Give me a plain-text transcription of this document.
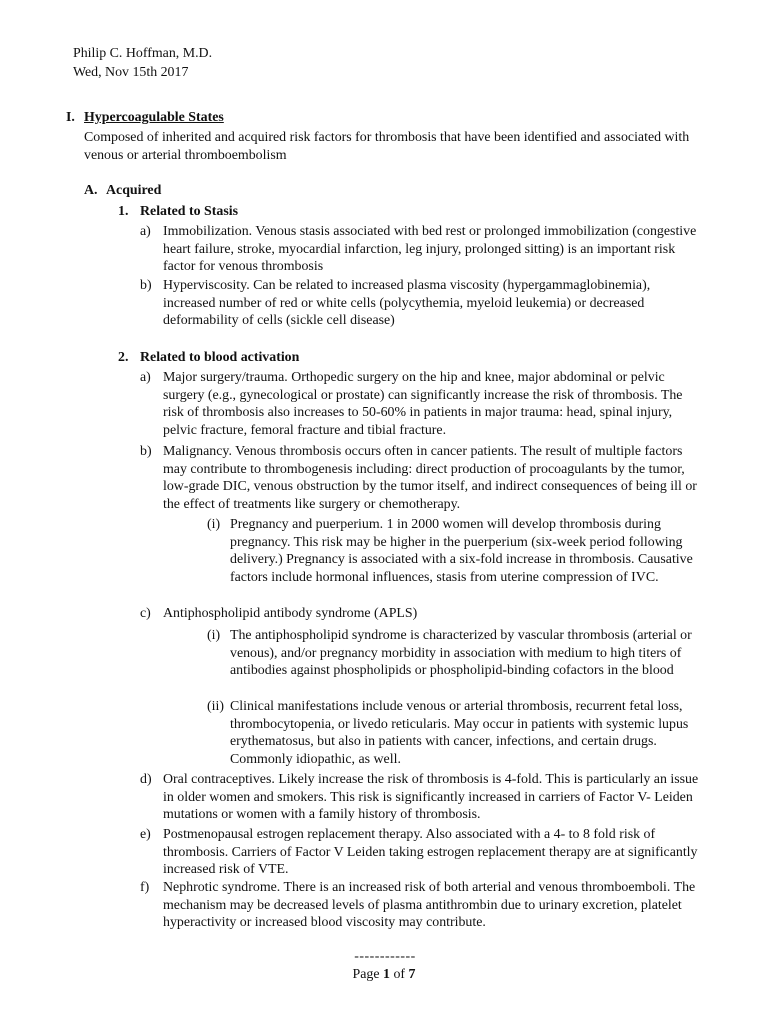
Philip C. Hoffman, M.D.
Wed, Nov 15th 2017
I. Hypercoagulable States
Composed of inherited and acquired risk factors for thrombosis that have been identified and associated with venous or arterial thromboembolism
A. Acquired
1. Related to Stasis
a) Immobilization. Venous stasis associated with bed rest or prolonged immobilization (congestive heart failure, stroke, myocardial infarction, leg injury, prolonged sitting) is an important risk factor for venous thrombosis
b) Hyperviscosity. Can be related to increased plasma viscosity (hypergammaglobinemia), increased number of red or white cells (polycythemia, myeloid leukemia) or decreased deformability of cells (sickle cell disease)
2. Related to blood activation
a) Major surgery/trauma. Orthopedic surgery on the hip and knee, major abdominal or pelvic surgery (e.g., gynecological or prostate) can significantly increase the risk of thrombosis. The risk of thrombosis also increases to 50-60% in patients in major trauma: head, spinal injury, pelvic fracture, femoral fracture and tibial fracture.
b) Malignancy. Venous thrombosis occurs often in cancer patients. The result of multiple factors may contribute to thrombogenesis including: direct production of procoagulants by the tumor, low-grade DIC, venous obstruction by the tumor itself, and indirect consequences of being ill or the effect of treatments like surgery or chemotherapy.
(i) Pregnancy and puerperium. 1 in 2000 women will develop thrombosis during pregnancy. This risk may be higher in the puerperium (six-week period following delivery.) Pregnancy is associated with a six-fold increase in thrombosis. Causative factors include hormonal influences, stasis from uterine compression of IVC.
c) Antiphospholipid antibody syndrome (APLS)
(i) The antiphospholipid syndrome is characterized by vascular thrombosis (arterial or venous), and/or pregnancy morbidity in association with medium to high titers of antibodies against phospholipids or phospholipid-binding cofactors in the blood
(ii) Clinical manifestations include venous or arterial thrombosis, recurrent fetal loss, thrombocytopenia, or livedo reticularis. May occur in patients with systemic lupus erythematosus, but also in patients with cancer, infections, and certain drugs. Commonly idiopathic, as well.
d) Oral contraceptives. Likely increase the risk of thrombosis is 4-fold. This is particularly an issue in older women and smokers. This risk is significantly increased in carriers of Factor V- Leiden mutations or women with a family history of thrombosis.
e) Postmenopausal estrogen replacement therapy. Also associated with a 4- to 8 fold risk of thrombosis. Carriers of Factor V Leiden taking estrogen replacement therapy are at significantly increased risk of VTE.
f) Nephrotic syndrome. There is an increased risk of both arterial and venous thromboemboli. The mechanism may be decreased levels of plasma antithrombin due to urinary excretion, platelet hyperactivity or increased blood viscosity may contribute.
------------
Page 1 of 7
